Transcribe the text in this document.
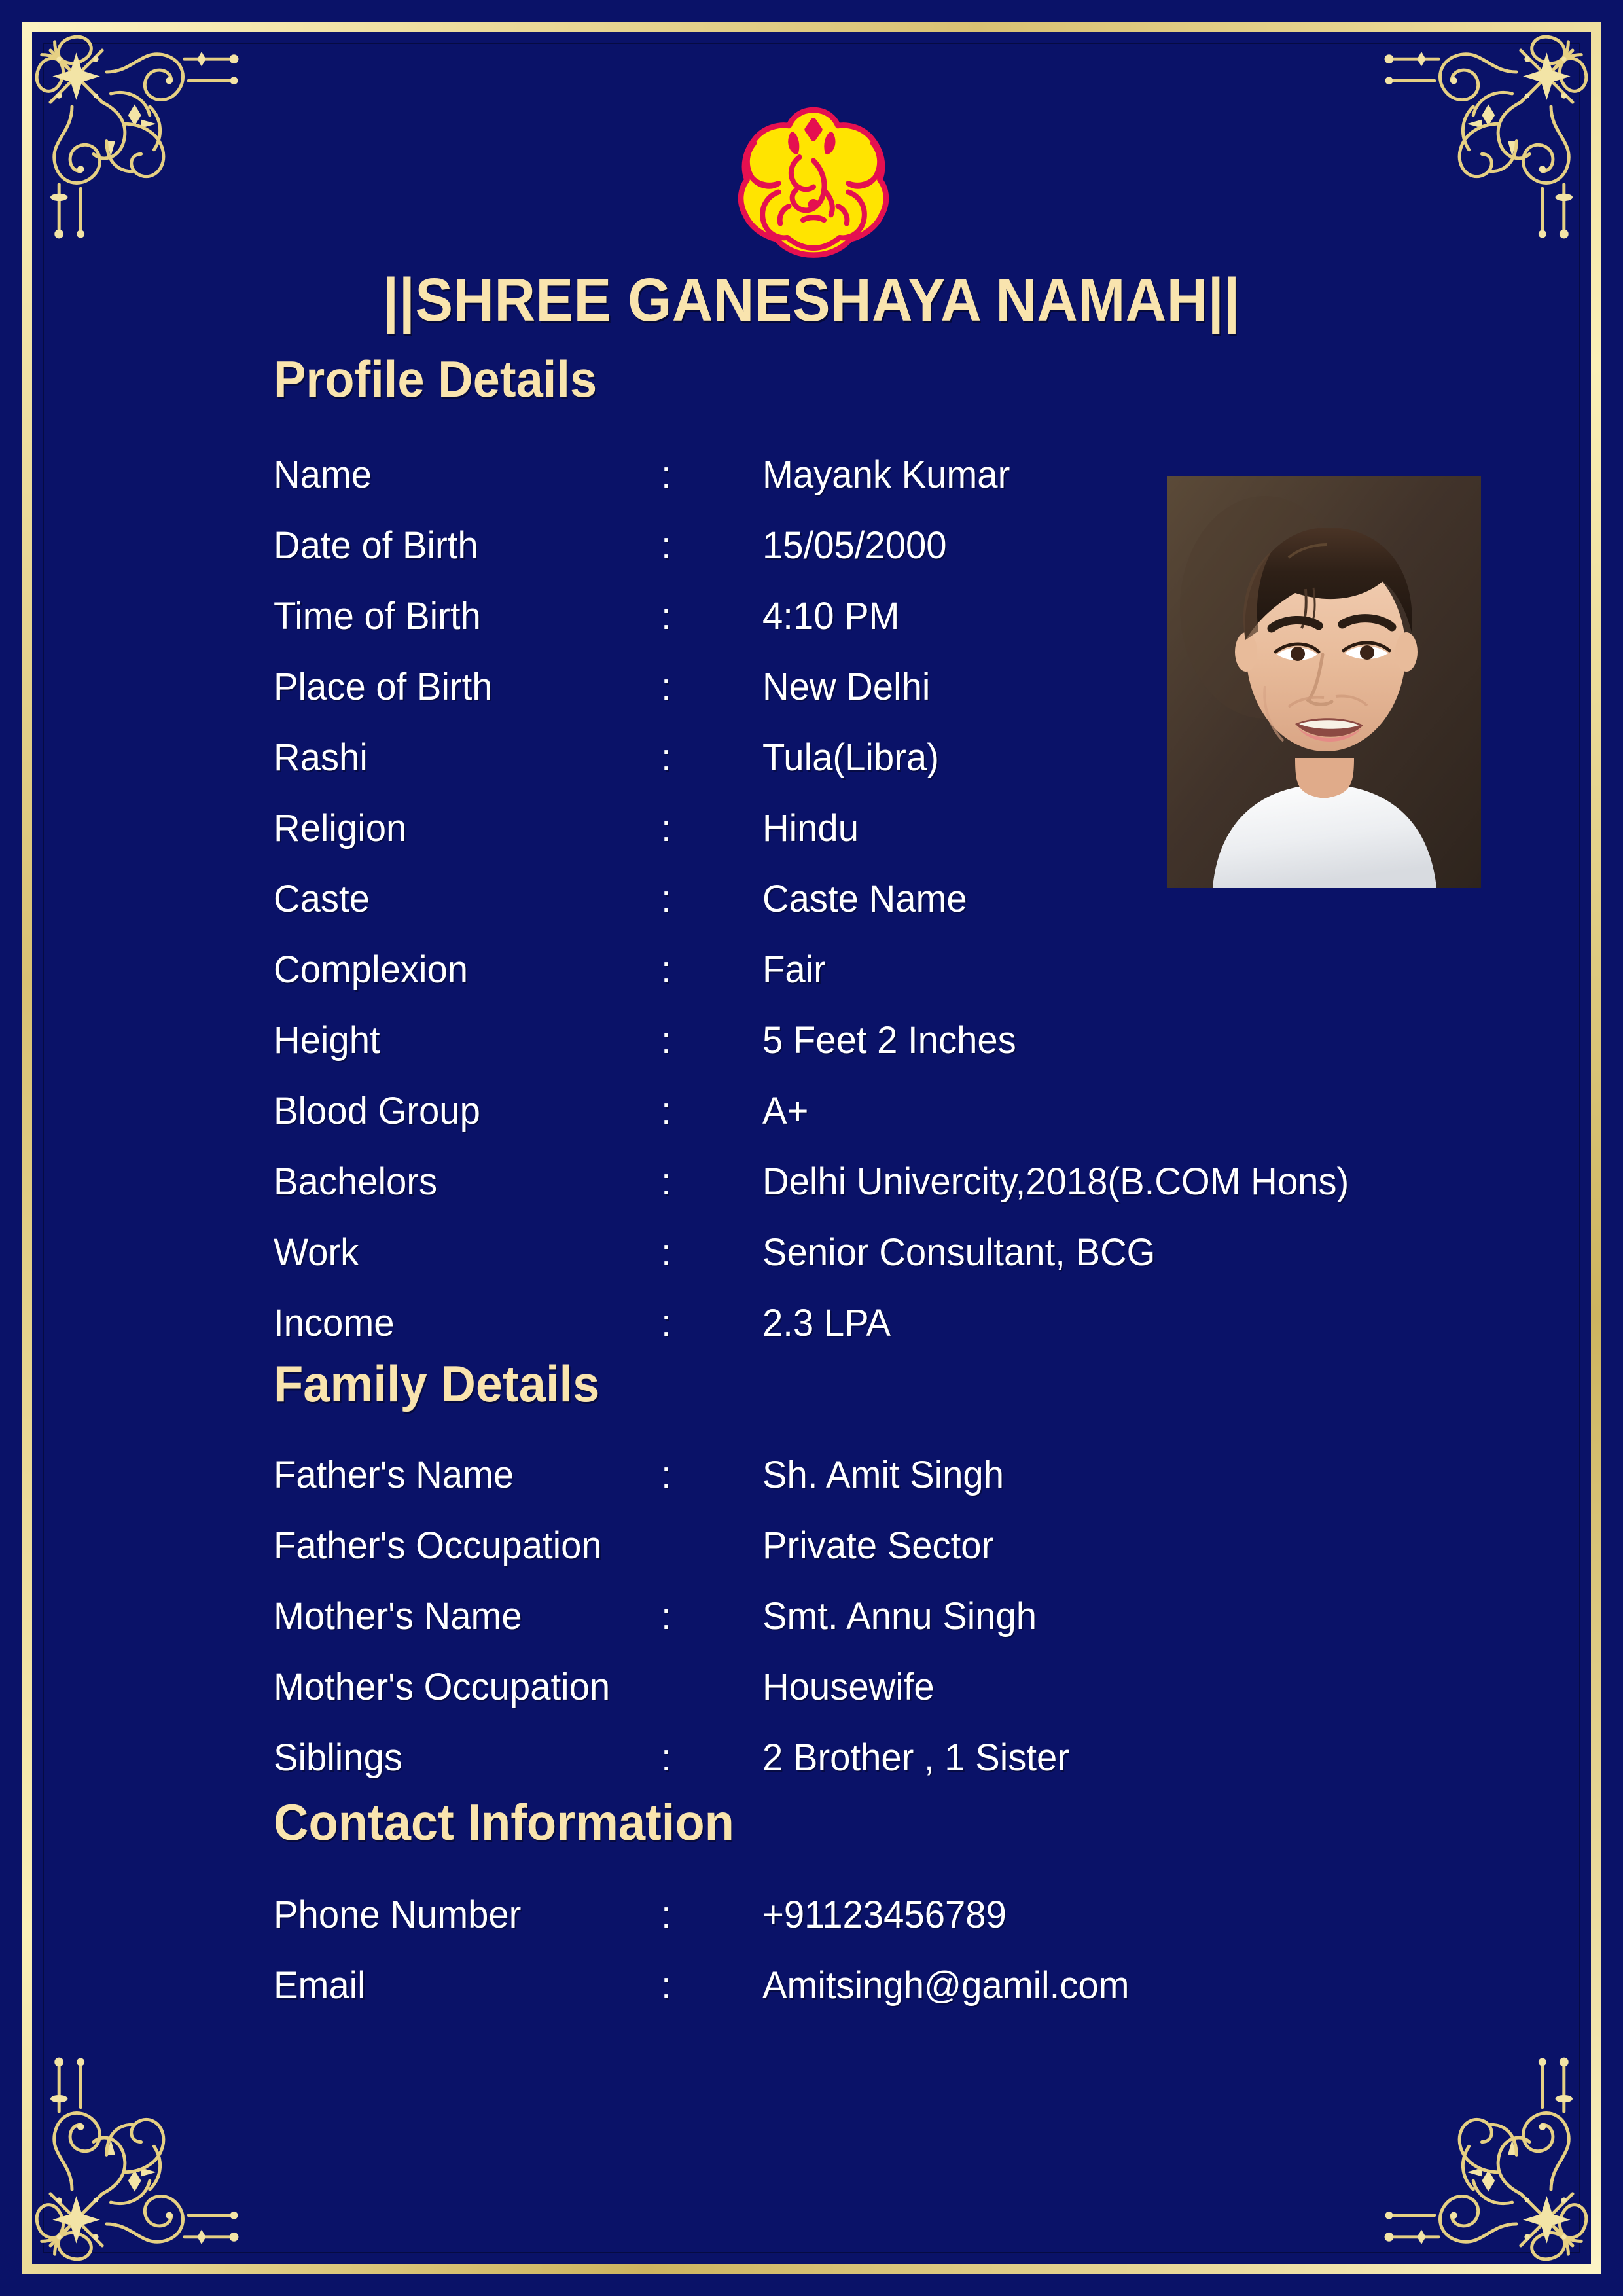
||SHREE GANESHAYA NAMAH||
Profile Details
Name	:	Mayank Kumar
Date of Birth	:	15/05/2000
Time of Birth	:	4:10 PM
Place of Birth	:	New Delhi
Rashi	:	Tula(Libra)
Religion	:	Hindu
Caste	:	Caste Name
Complexion	:	Fair
Height	:	5 Feet 2 Inches
Blood Group	:	A+
Bachelors	:	Delhi Univercity,2018(B.COM Hons)
Work	:	Senior Consultant, BCG
Income	:	2.3 LPA
Family Details
Father's Name	:	Sh. Amit Singh
Father's Occupation	Private Sector
Mother's Name	:	Smt. Annu Singh
Mother's Occupation	Housewife
Siblings	:	2 Brother , 1 Sister
Contact Information
Phone Number	:	+91123456789
Email	:	Amitsingh@gamil.com
